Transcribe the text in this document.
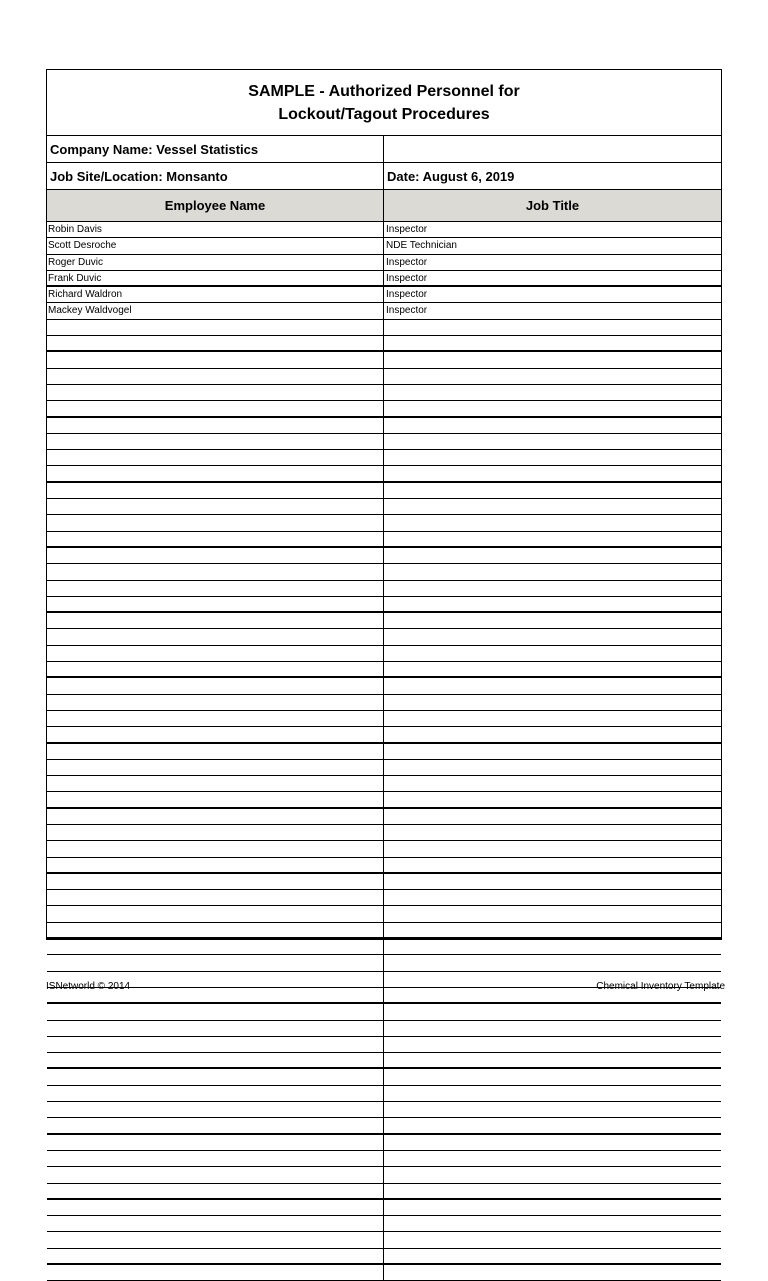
SAMPLE - Authorized Personnel for
Lockout/Tagout Procedures
Company Name: Vessel Statistics
Job Site/Location: Monsanto	Date: August 6, 2019
Employee Name	Job Title
Robin Davis	Inspector
Scott Desroche	NDE Technician
Roger Duvic	Inspector
Frank Duvic	Inspector
Richard Waldron	Inspector
Mackey Waldvogel	Inspector
ISNetworld © 2014	Chemical Inventory Template
